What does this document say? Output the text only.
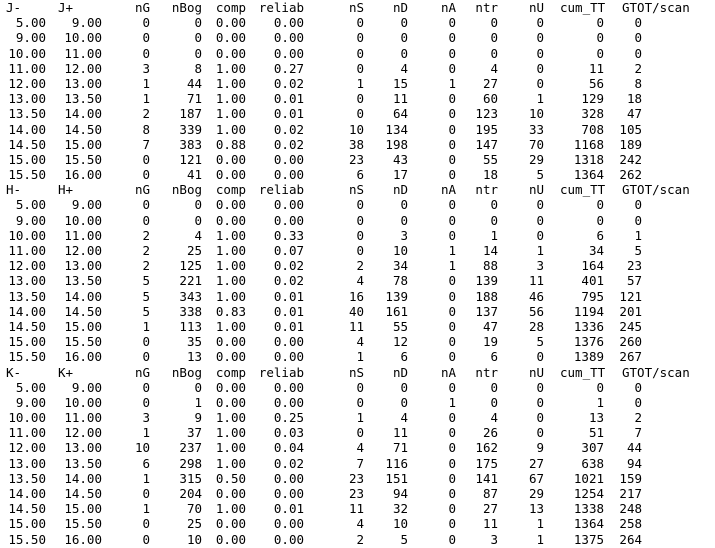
J-	J+	nG	nBog	comp	reliab	nS	nD	nA	ntr	nU cum_TT	GTOT/scan
5.00	9.00	0	0	0.00	0.00	0	0	0	0	0	0	0
9.00	10.00	0	0	0.00	0.00	0	0	0	0	0	0	0
10.00	11.00	0	0	0.00	0.00	0	0	0	0	0	0	0
11.00	12.00	3	8	1.00	0.27	0	4	0	4	0	11	2
12.00	13.00	1	44	1.00	0.02	1	15	1	27	0	56	8
13.00	13.50	1	71	1.00	0.01	0	11	0	60	1	129	18
13.50	14.00	2	187	1.00	0.01	0	64	0	123	10	328	47
14.00	14.50	8	339	1.00	0.02	10	134	0	195	33	708 105
14.50	15.00	7	383	0.88	0.02	38	198	0	147	70	1168 189
15.00	15.50	0	121	0.00	0.00	23	43	0	55	29	1318 242
15.50	16.00	0	41	0.00	0.00	6	17	0	18	5	1364 262
H-	H+	nG	nBog	comp	reliab	nS	nD	nA	ntr	nU cum_TT	GTOT/scan
5.00	9.00	0	0	0.00	0.00	0	0	0	0	0	0	0
9.00	10.00	0	0	0.00	0.00	0	0	0	0	0	0	0
10.00	11.00	2	4	1.00	0.33	0	3	0	1	0	6	1
11.00	12.00	2	25	1.00	0.07	0	10	1	14	1	34	5
12.00	13.00	2	125	1.00	0.02	2	34	1	88	3	164	23
13.00	13.50	5	221	1.00	0.02	4	78	0	139	11	401	57
13.50	14.00	5	343	1.00	0.01	16	139	0	188	46	795 121
14.00	14.50	5	338	0.83	0.01	40	161	0	137	56	1194 201
14.50	15.00	1	113	1.00	0.01	11	55	0	47	28	1336 245
15.00	15.50	0	35	0.00	0.00	4	12	0	19	5	1376 260
15.50	16.00	0	13	0.00	0.00	1	6	0	6	0	1389 267
K-	K+	nG	nBog	comp	reliab	nS	nD	nA	ntr	nU cum_TT	GTOT/scan
5.00	9.00	0	0	0.00	0.00	0	0	0	0	0	0	0
9.00	10.00	0	1	0.00	0.00	0	0	1	0	0	1	0
10.00	11.00	3	9	1.00	0.25	1	4	0	4	0	13	2
11.00	12.00	1	37	1.00	0.03	0	11	0	26	0	51	7
12.00	13.00	10	237	1.00	0.04	4	71	0	162	9	307	44
13.00	13.50	6	298	1.00	0.02	7	116	0	175	27	638	94
13.50	14.00	1	315	0.50	0.00	23	151	0	141	67	1021 159
14.00	14.50	0	204	0.00	0.00	23	94	0	87	29	1254 217
14.50	15.00	1	70	1.00	0.01	11	32	0	27	13	1338 248
15.00	15.50	0	25	0.00	0.00	4	10	0	11	1	1364 258
15.50	16.00	0	10	0.00	0.00	2	5	0	3	1	1375 264
